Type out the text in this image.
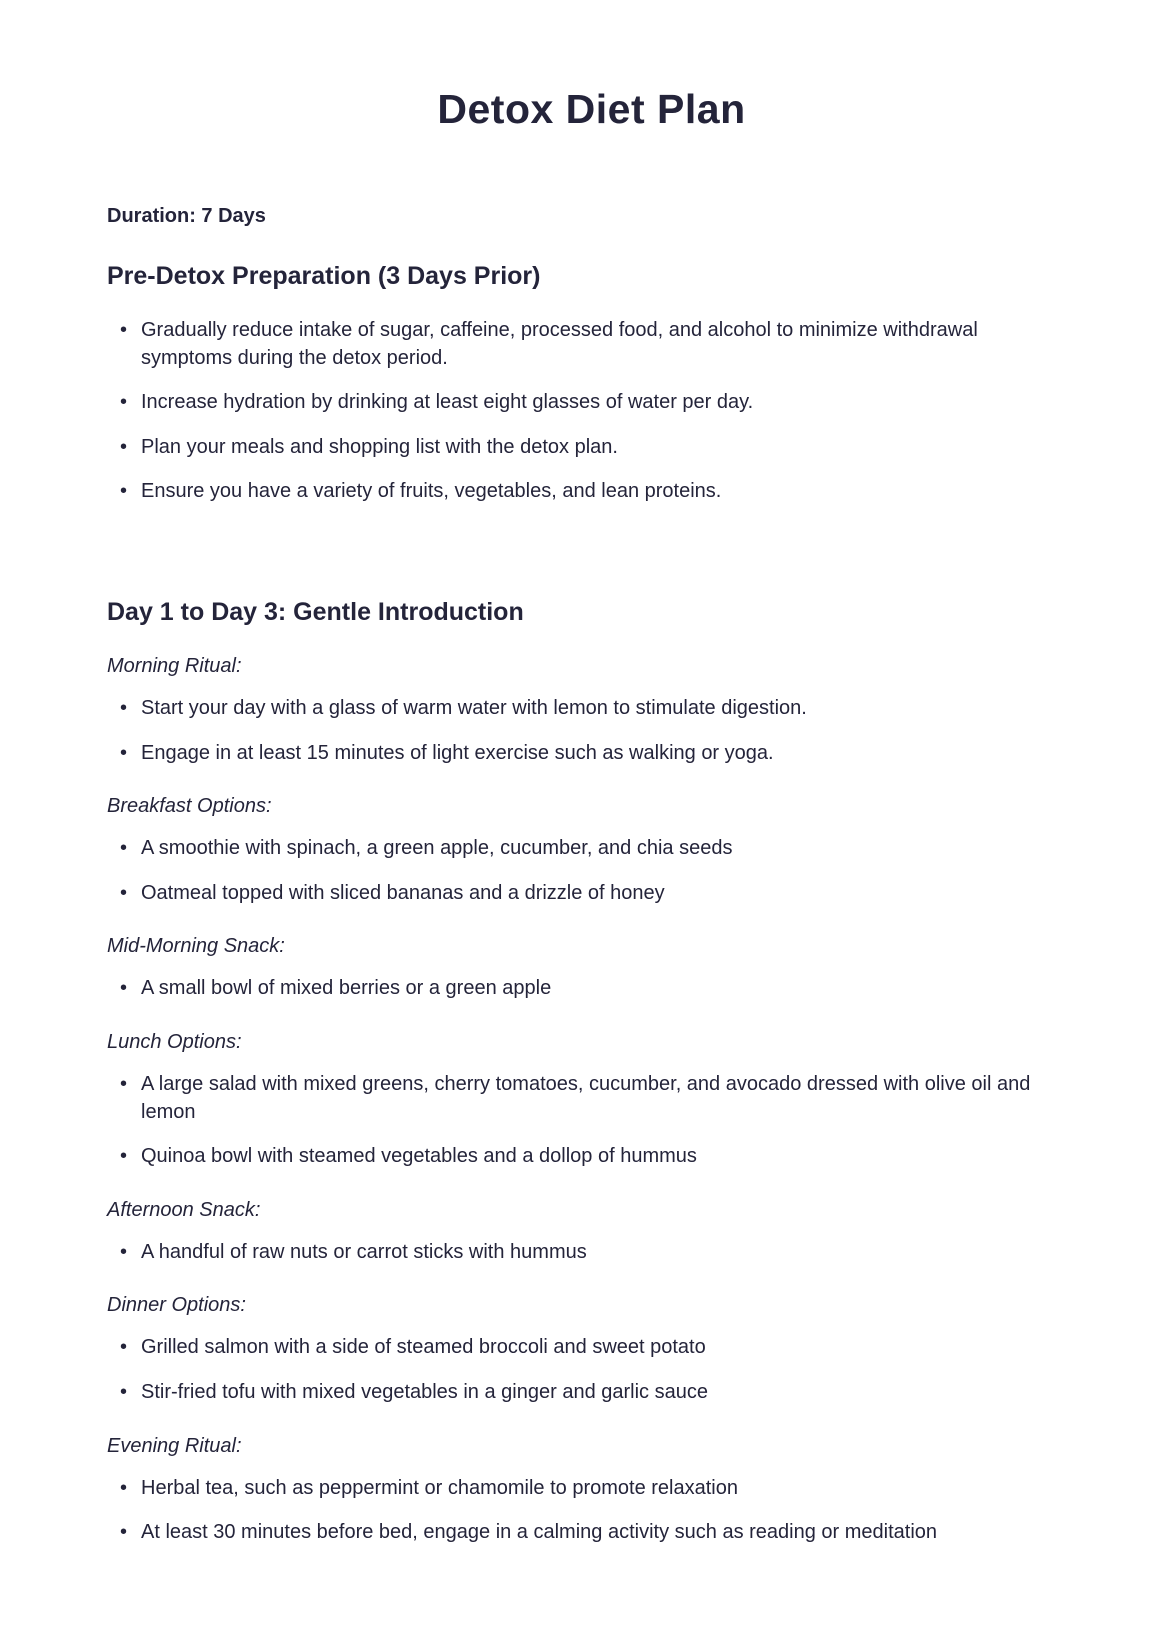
Detox Diet Plan

Duration: 7 Days

Pre-Detox Preparation (3 Days Prior)
• Gradually reduce intake of sugar, caffeine, processed food, and alcohol to minimize withdrawal symptoms during the detox period.
• Increase hydration by drinking at least eight glasses of water per day.
• Plan your meals and shopping list with the detox plan.
• Ensure you have a variety of fruits, vegetables, and lean proteins.
Day 1 to Day 3: Gentle Introduction

Morning Ritual:

• Start your day with a glass of warm water with lemon to stimulate digestion.
• Engage in at least 15 minutes of light exercise such as walking or yoga.

Breakfast Options:

• A smoothie with spinach, a green apple, cucumber, and chia seeds
• Oatmeal topped with sliced bananas and a drizzle of honey

Mid-Morning Snack:

• A small bowl of mixed berries or a green apple

Lunch Options:

• A large salad with mixed greens, cherry tomatoes, cucumber, and avocado dressed with olive oil and lemon
• Quinoa bowl with steamed vegetables and a dollop of hummus

Afternoon Snack:

• A handful of raw nuts or carrot sticks with hummus

Dinner Options:

• Grilled salmon with a side of steamed broccoli and sweet potato
• Stir-fried tofu with mixed vegetables in a ginger and garlic sauce

Evening Ritual:

• Herbal tea, such as peppermint or chamomile to promote relaxation
• At least 30 minutes before bed, engage in a calming activity such as reading or meditation
